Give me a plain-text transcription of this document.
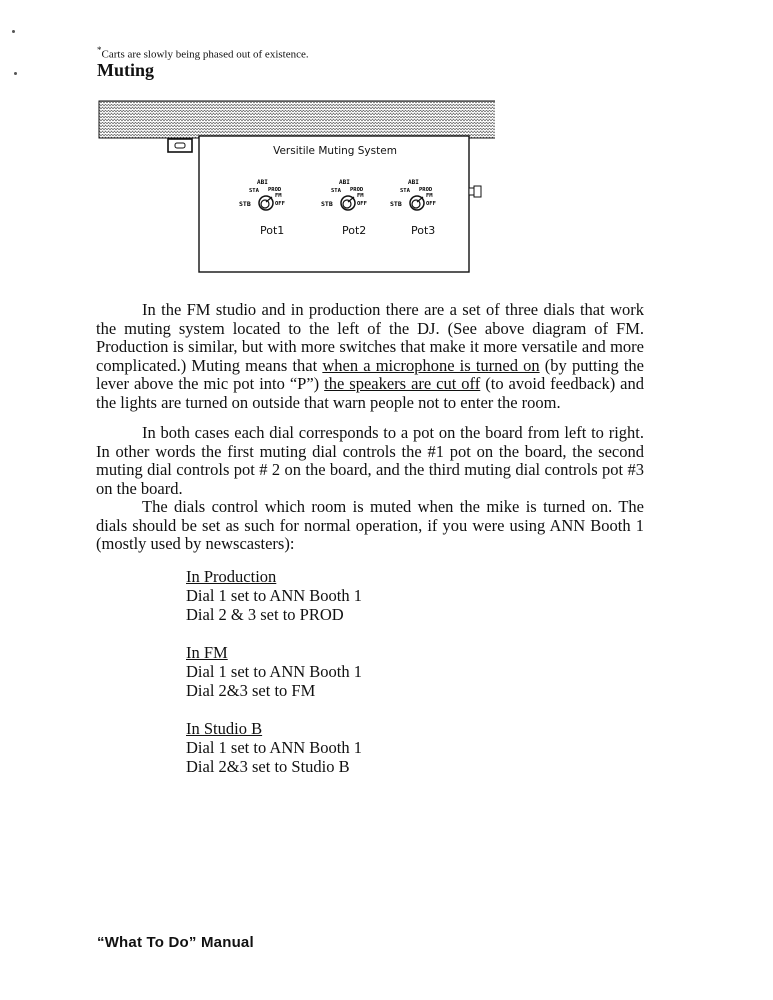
*Carts are slowly being phased out of existence.
Muting
Versitile Muting System
ABI
STA PROD
STB
FM
OFF
Pot1
ABI
STA PROD
STB
FM
OFF
Pot2
ABI
STA PROD
STB
FM
OFF
Pot3

In the FM studio and in production there are a set of three dials that work the muting system located to the left of the DJ. (See above diagram of FM. Production is similar, but with more switches that make it more versatile and more complicated.) Muting means that when a microphone is turned on (by putting the lever above the mic pot into “P”) the speakers are cut off (to avoid feedback) and the lights are turned on outside that warn people not to enter the room.

In both cases each dial corresponds to a pot on the board from left to right. In other words the first muting dial controls the #1 pot on the board, the second muting dial controls pot # 2 on the board, and the third muting dial controls pot #3 on the board.

The dials control which room is muted when the mike is turned on. The dials should be set as such for normal operation, if you were using ANN Booth 1 (mostly used by newscasters):

In Production
Dial 1 set to ANN Booth 1
Dial 2 & 3 set to PROD
In FM
Dial 1 set to ANN Booth 1
Dial 2&3 set to FM
In Studio B
Dial 1 set to ANN Booth 1
Dial 2&3 set to Studio B
“What To Do” Manual
